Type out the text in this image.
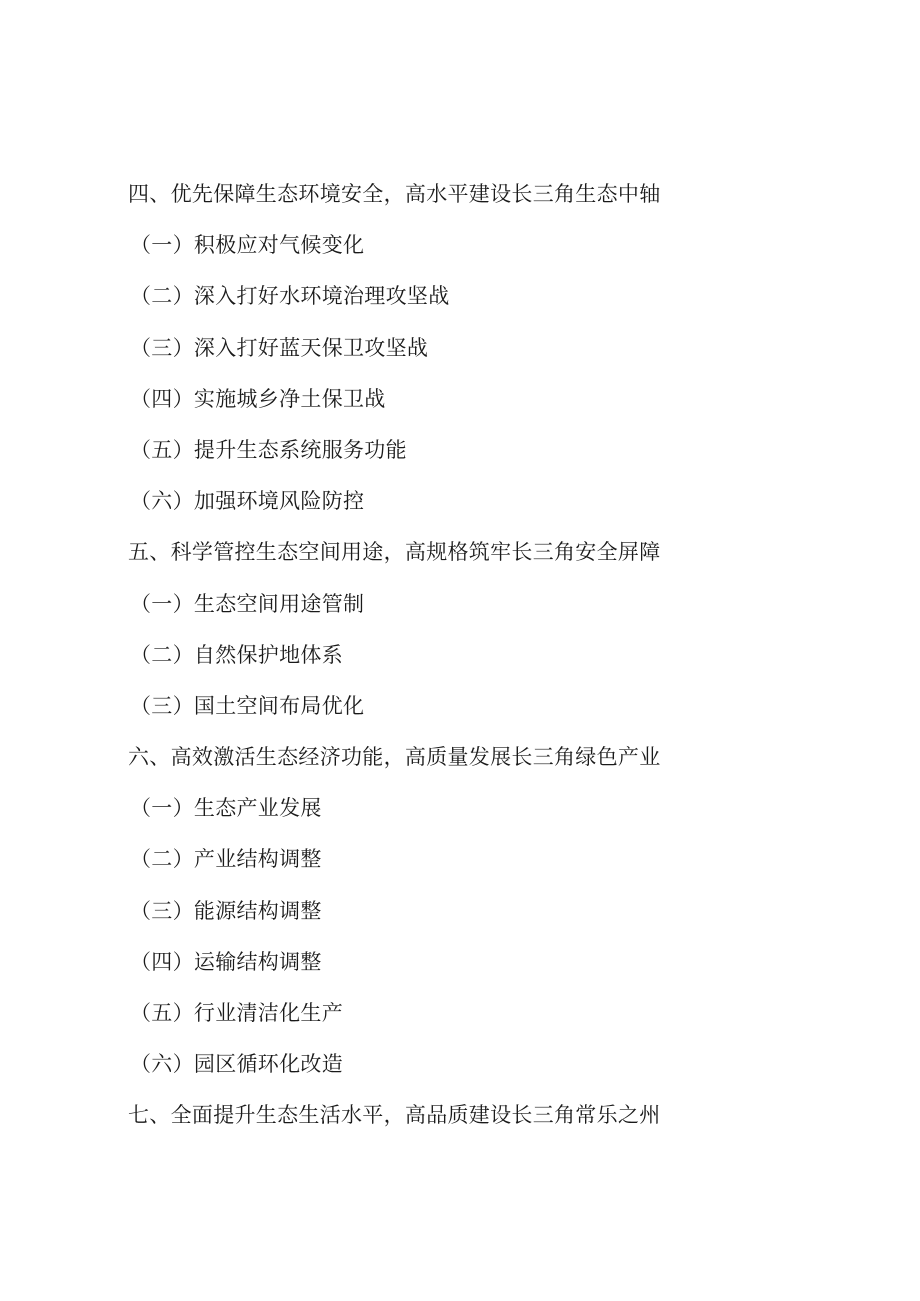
四、优先保障生态环境安全，高水平建设长三角生态中轴
（一）积极应对气候变化
（二）深入打好水环境治理攻坚战
（三）深入打好蓝天保卫攻坚战
（四）实施城乡净土保卫战
（五）提升生态系统服务功能
（六）加强环境风险防控
五、科学管控生态空间用途，高规格筑牢长三角安全屏障
（一）生态空间用途管制
（二）自然保护地体系
（三）国土空间布局优化
六、高效激活生态经济功能，高质量发展长三角绿色产业
（一）生态产业发展
（二）产业结构调整
（三）能源结构调整
（四）运输结构调整
（五）行业清洁化生产
（六）园区循环化改造
七、全面提升生态生活水平，高品质建设长三角常乐之州
